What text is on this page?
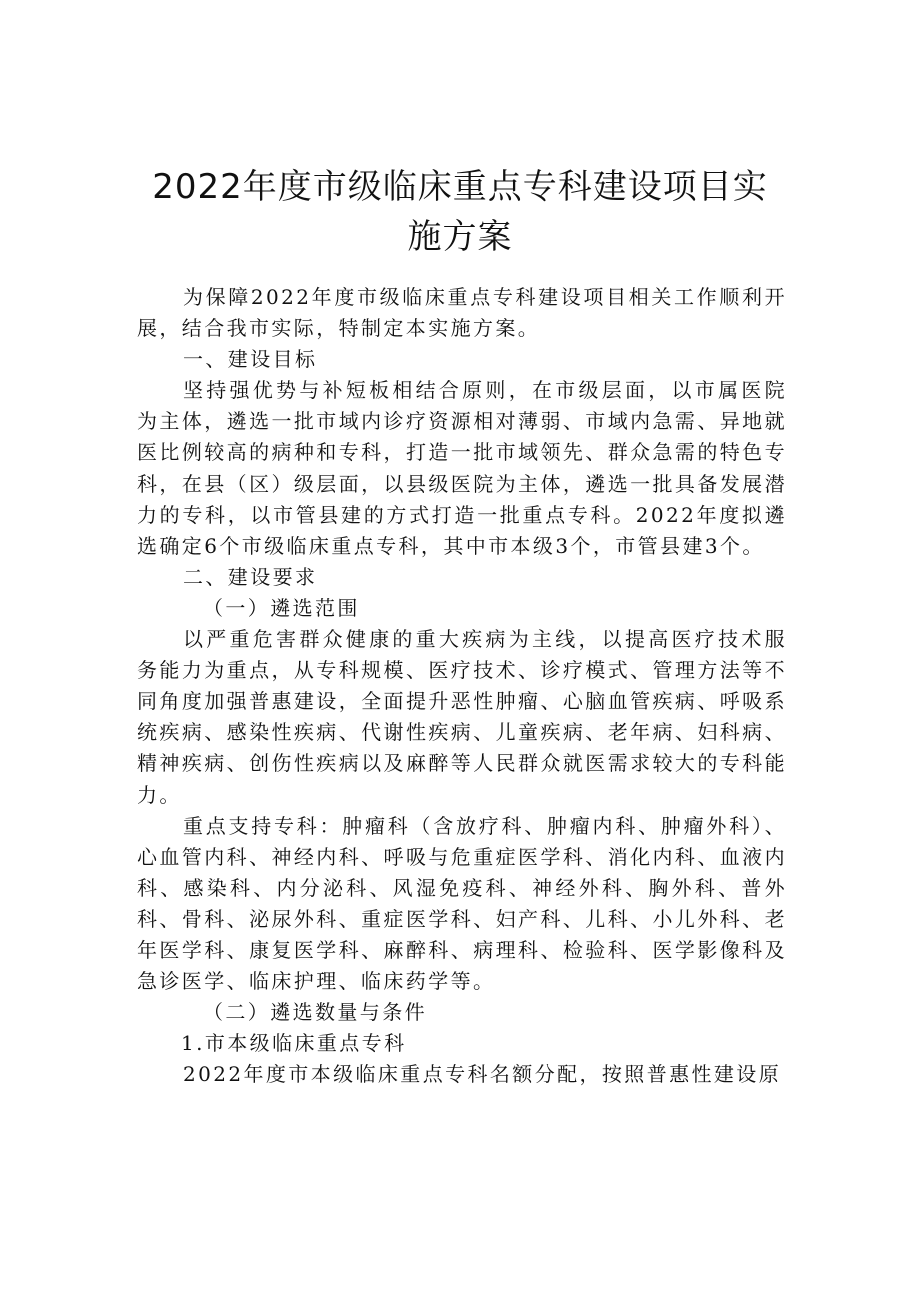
2022年度市级临床重点专科建设项目实
施方案

为保障2022年度市级临床重点专科建设项目相关工作顺利开展，结合我市实际，特制定本实施方案。

一、建设目标

坚持强优势与补短板相结合原则，在市级层面，以市属医院为主体，遴选一批市域内诊疗资源相对薄弱、市域内急需、异地就医比例较高的病种和专科，打造一批市域领先、群众急需的特色专科，在县（区）级层面，以县级医院为主体，遴选一批具备发展潜力的专科，以市管县建的方式打造一批重点专科。2022年度拟遴选确定6个市级临床重点专科，其中市本级3个，市管县建3个。

二、建设要求

（一）遴选范围

以严重危害群众健康的重大疾病为主线，以提高医疗技术服务能力为重点，从专科规模、医疗技术、诊疗模式、管理方法等不同角度加强普惠建设，全面提升恶性肿瘤、心脑血管疾病、呼吸系统疾病、感染性疾病、代谢性疾病、儿童疾病、老年病、妇科病、精神疾病、创伤性疾病以及麻醉等人民群众就医需求较大的专科能力。

重点支持专科：肿瘤科（含放疗科、肿瘤内科、肿瘤外科）、心血管内科、神经内科、呼吸与危重症医学科、消化内科、血液内科、感染科、内分泌科、风湿免疫科、神经外科、胸外科、普外科、骨科、泌尿外科、重症医学科、妇产科、儿科、小儿外科、老年医学科、康复医学科、麻醉科、病理科、检验科、医学影像科及急诊医学、临床护理、临床药学等。

（二）遴选数量与条件

1.市本级临床重点专科

2022年度市本级临床重点专科名额分配，按照普惠性建设原
